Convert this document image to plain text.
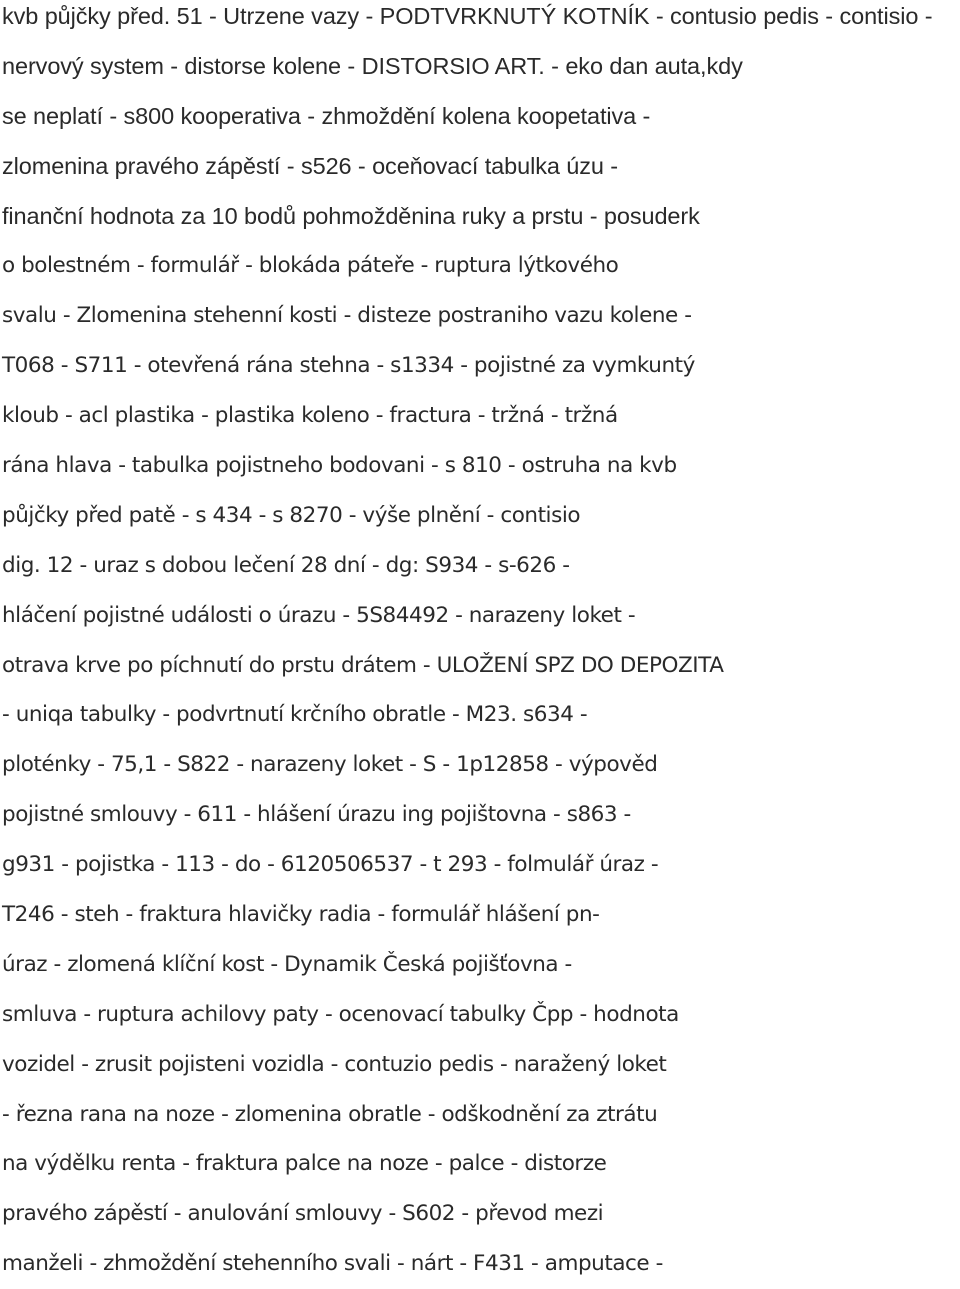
kvb půjčky před. 51 - Utrzene vazy - PODTVRKNUTÝ KOTNÍK - contusio pedis - contisio -
nervový system - distorse kolene - DISTORSIO ART. - eko dan auta,kdy
se neplatí - s800 kooperativa - zhmoždění kolena koopetativa -
zlomenina pravého zápěstí - s526 - oceňovací tabulka úzu -
finanční hodnota za 10 bodů pohmožděnina ruky a prstu - posuderk
o bolestném - formulář - blokáda páteře - ruptura lýtkového
svalu - Zlomenina stehenní kosti - disteze postraniho vazu kolene -
T068 - S711 - otevřená rána stehna - s1334 - pojistné za vymkuntý
kloub - acl plastika - plastika koleno - fractura - tržná - tržná
rána hlava - tabulka pojistneho bodovani - s 810 - ostruha na kvb
půjčky před patě - s 434 - s 8270 - výše plnění - contisio
dig. 12 - uraz s dobou lečení 28 dní - dg: S934 - s-626 -
hláčení pojistné události o úrazu - 5S84492 - narazeny loket -
otrava krve po píchnutí do prstu drátem - ULOŽENÍ SPZ DO DEPOZITA
- uniqa tabulky - podvrtnutí krčního obratle - M23. s634 -
ploténky - 75,1 - S822 - narazeny loket - S - 1p12858 - výpověd
pojistné smlouvy - 611 - hlášení úrazu ing pojištovna - s863 -
g931 - pojistka - 113 - do - 6120506537 - t 293 - folmulář úraz -
T246 - steh - fraktura hlavičky radia - formulář hlášení pn-
úraz - zlomená klíční kost - Dynamik Česká pojišťovna -
smluva - ruptura achilovy paty - ocenovací tabulky Čpp - hodnota
vozidel - zrusit pojisteni vozidla - contuzio pedis - naražený loket
- řezna rana na noze - zlomenina obratle - odškodnění za ztrátu
na výdělku renta - fraktura palce na noze - palce - distorze
pravého zápěstí - anulování smlouvy - S602 - převod mezi
manželi - zhmoždění stehenního svali - nárt - F431 - amputace -
